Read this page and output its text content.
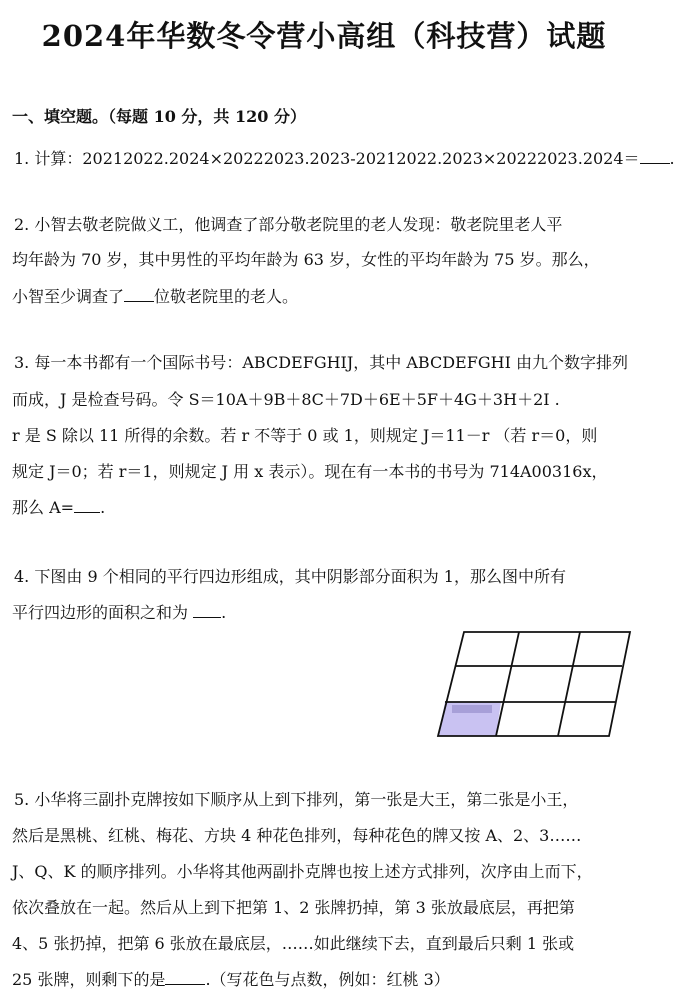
2024年华数冬令营小高组（科技营）试题
一、填空题。（每题 10 分，共 120 分）
1. 计算：20212022.2024×20222023.2023-20212022.2023×20222023.2024＝ .
2. 小智去敬老院做义工，他调查了部分敬老院里的老人发现：敬老院里老人平
均年龄为 70 岁，其中男性的平均年龄为 63 岁，女性的平均年龄为 75 岁。那么，
小智至少调查了 位敬老院里的老人。
3. 每一本书都有一个国际书号：ABCDEFGHIJ，其中 ABCDEFGHI 由九个数字排列
而成，J 是检查号码。令 S＝10A＋9B＋8C＋7D＋6E＋5F＋4G＋3H＋2I .
r 是 S 除以 11 所得的余数。若 r 不等于 0 或 1，则规定 J＝11－r （若 r＝0，则
规定 J＝0；若 r＝1，则规定 J 用 x 表示）。现在有一本书的书号为 714A00316x，
那么 A= .
4. 下图由 9 个相同的平行四边形组成，其中阴影部分面积为 1，那么图中所有
平行四边形的面积之和为 .
5. 小华将三副扑克牌按如下顺序从上到下排列，第一张是大王，第二张是小王，
然后是黑桃、红桃、梅花、方块 4 种花色排列，每种花色的牌又按 A、2、3……
J、Q、K 的顺序排列。小华将其他两副扑克牌也按上述方式排列，次序由上而下，
依次叠放在一起。然后从上到下把第 1、2 张牌扔掉，第 3 张放最底层，再把第
4、5 张扔掉，把第 6 张放在最底层，……如此继续下去，直到最后只剩 1 张或
25 张牌，则剩下的是	.（写花色与点数，例如：红桃 3）
